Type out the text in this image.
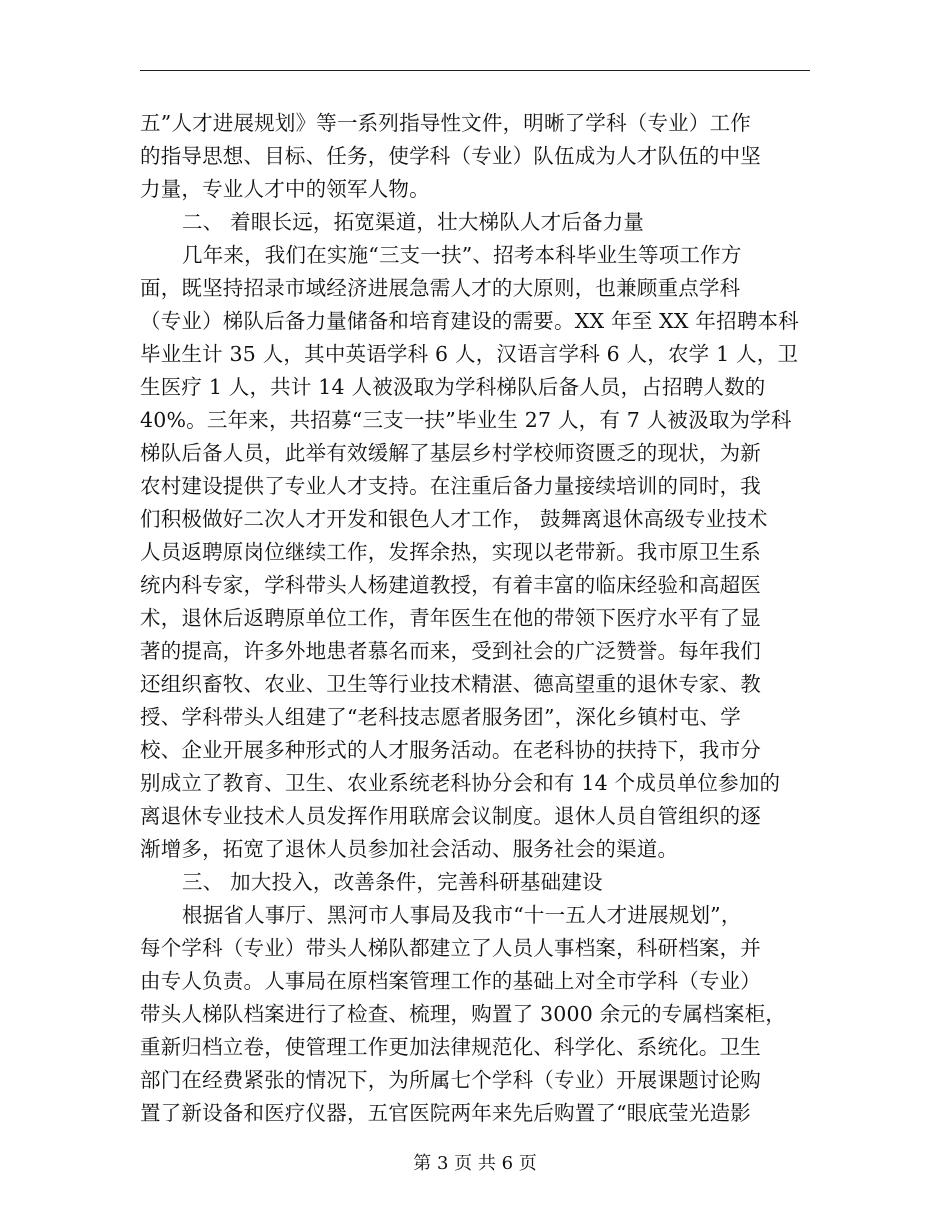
五”人才进展规划》等一系列指导性文件，明晰了学科（专业）工作
的指导思想、目标、任务，使学科（专业）队伍成为人才队伍的中坚
力量，专业人才中的领军人物。
二、 着眼长远，拓宽渠道，壮大梯队人才后备力量
几年来，我们在实施“三支一扶”、招考本科毕业生等项工作方
面，既坚持招录市域经济进展急需人才的大原则，也兼顾重点学科
（专业）梯队后备力量储备和培育建设的需要。XX 年至 XX 年招聘本科
毕业生计 35 人，其中英语学科 6 人，汉语言学科 6 人，农学 1 人，卫
生医疗 1 人，共计 14 人被汲取为学科梯队后备人员，占招聘人数的
40%。三年来，共招募“三支一扶”毕业生 27 人，有 7 人被汲取为学科
梯队后备人员，此举有效缓解了基层乡村学校师资匮乏的现状，为新
农村建设提供了专业人才支持。在注重后备力量接续培训的同时，我
们积极做好二次人才开发和银色人才工作， 鼓舞离退休高级专业技术
人员返聘原岗位继续工作，发挥余热，实现以老带新。我市原卫生系
统内科专家，学科带头人杨建道教授，有着丰富的临床经验和高超医
术，退休后返聘原单位工作，青年医生在他的带领下医疗水平有了显
著的提高，许多外地患者慕名而来，受到社会的广泛赞誉。每年我们
还组织畜牧、农业、卫生等行业技术精湛、德高望重的退休专家、教
授、学科带头人组建了“老科技志愿者服务团”，深化乡镇村屯、学
校、企业开展多种形式的人才服务活动。在老科协的扶持下，我市分
别成立了教育、卫生、农业系统老科协分会和有 14 个成员单位参加的
离退休专业技术人员发挥作用联席会议制度。退休人员自管组织的逐
渐增多，拓宽了退休人员参加社会活动、服务社会的渠道。
三、 加大投入，改善条件，完善科研基础建设
根据省人事厅、黑河市人事局及我市“十一五人才进展规划”，
每个学科（专业）带头人梯队都建立了人员人事档案，科研档案，并
由专人负责。人事局在原档案管理工作的基础上对全市学科（专业）
带头人梯队档案进行了检查、梳理，购置了 3000 余元的专属档案柜，
重新归档立卷，使管理工作更加法律规范化、科学化、系统化。卫生
部门在经费紧张的情况下，为所属七个学科（专业）开展课题讨论购
置了新设备和医疗仪器，五官医院两年来先后购置了“眼底莹光造影
第 3 页 共 6 页
